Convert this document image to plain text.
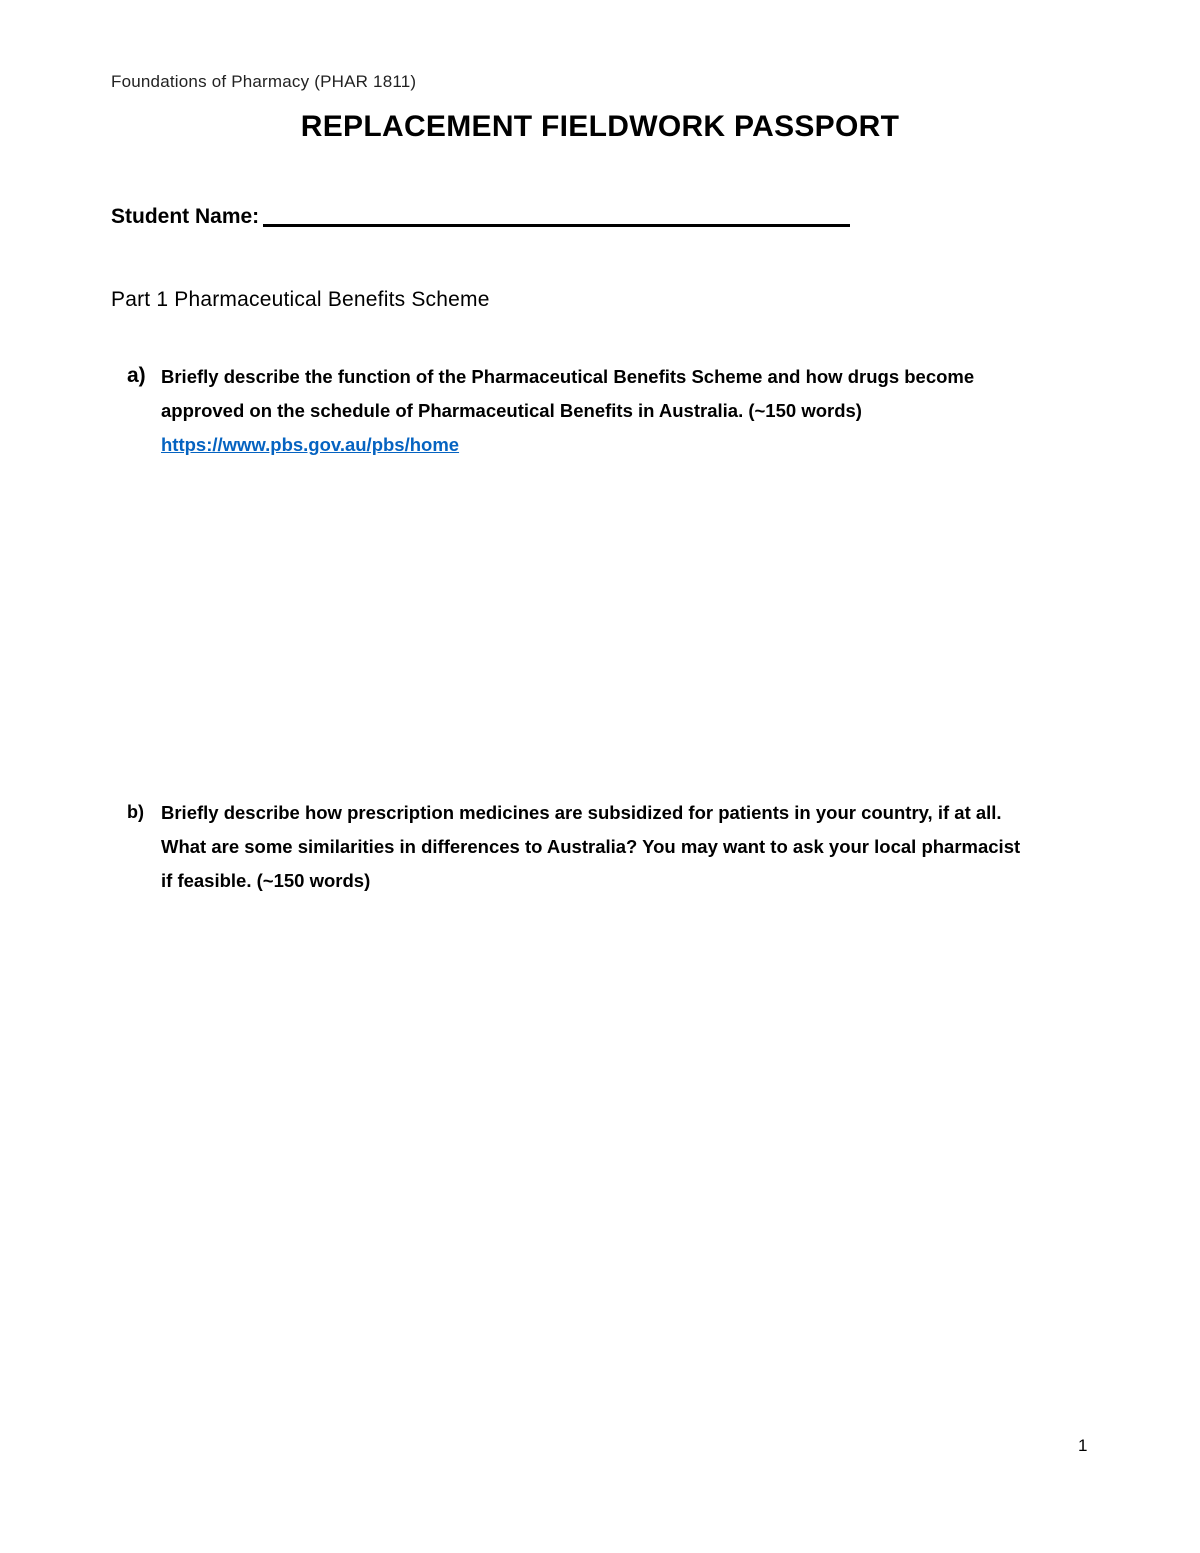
Foundations of Pharmacy (PHAR 1811)
REPLACEMENT FIELDWORK PASSPORT
Student Name:
Part 1 Pharmaceutical Benefits Scheme
a) Briefly describe the function of the Pharmaceutical Benefits Scheme and how drugs become
approved on the schedule of Pharmaceutical Benefits in Australia. (~150 words)
https://www.pbs.gov.au/pbs/home
b) Briefly describe how prescription medicines are subsidized for patients in your country, if at all.
What are some similarities in differences to Australia? You may want to ask your local pharmacist
if feasible. (~150 words)
1
